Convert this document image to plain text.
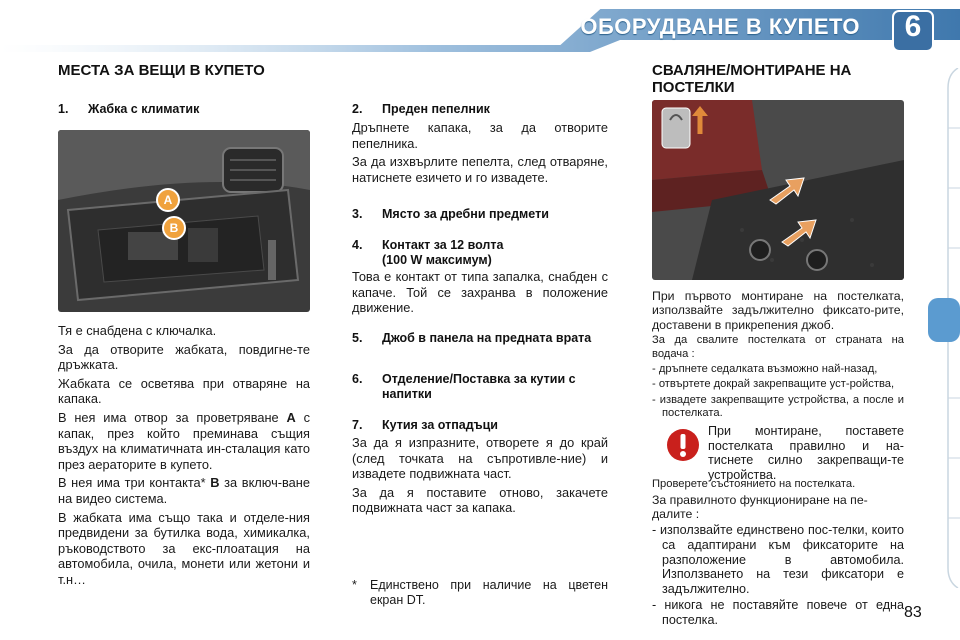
ОБОРУДВАНЕ В КУПЕТО	6
МЕСТА ЗА ВЕЩИ В КУПЕТО
1. Жабка с климатик
A
B

Тя е снабдена с ключалка.

За да отворите жабката, повдигне-те дръжката.

Жабката се осветява при отваряне на капака.

В нея има отвор за проветряване A с капак, през който преминава същия въздух на климатичната ин-сталация като през аераторите в купето.

В нея има три контакта* B за включ-ване на видео система.

В жабката има също така и отделе-ния предвидени за бутилка вода, химикалка, ръководството за екс-плоатация на автомобила, очила, монети или жетони и т.н…

2. Преден пепелник

Дръпнете капака, за да отворите пепелника.

За да изхвърлите пепелта, след отваряне, натиснете езичето и го извадете.

3. Място за дребни предмети
4. Контакт за 12 волта
(100 W максимум)

Това е контакт от типа запалка, снабден с капаче. Той се захранва в положение движение.

5.	Джоб в панела на предната врата
6.	Отделение/Поставка за кутии с напитки
7. Кутия за отпадъци

За да я изпразните, отворете я до край (след точката на съпротивле-ние) и извадете подвижната част.

За да я поставите отново, закачете подвижната част за капака.

*	Единствено при наличие на цветен екран DT.
СВАЛЯНЕ/МОНТИРАНЕ НА ПОСТЕЛКИ

При първото монтиране на постелката, използвайте задължително фиксато-рите, доставени в прикрепения джоб.

За да свалите постелката от страната на водача :

- дръпнете седалката възможно най-назад,

- отвъртете докрай закрепващите уст-ройства,

- извадете закрепващите устройства, а после и постелката.

При монтиране, поставете постелката правилно и на-тиснете силно закрепващи-те устройства.

Проверете състоянието на постелката.

За правилното функциониране на пе-далите :

- използвайте единствено пос-телки, които са адаптирани към фиксаторите на разположение в автомобила. Използването на тези фиксатори е задължително.

- никога не поставяйте повече от една постелка.	83
